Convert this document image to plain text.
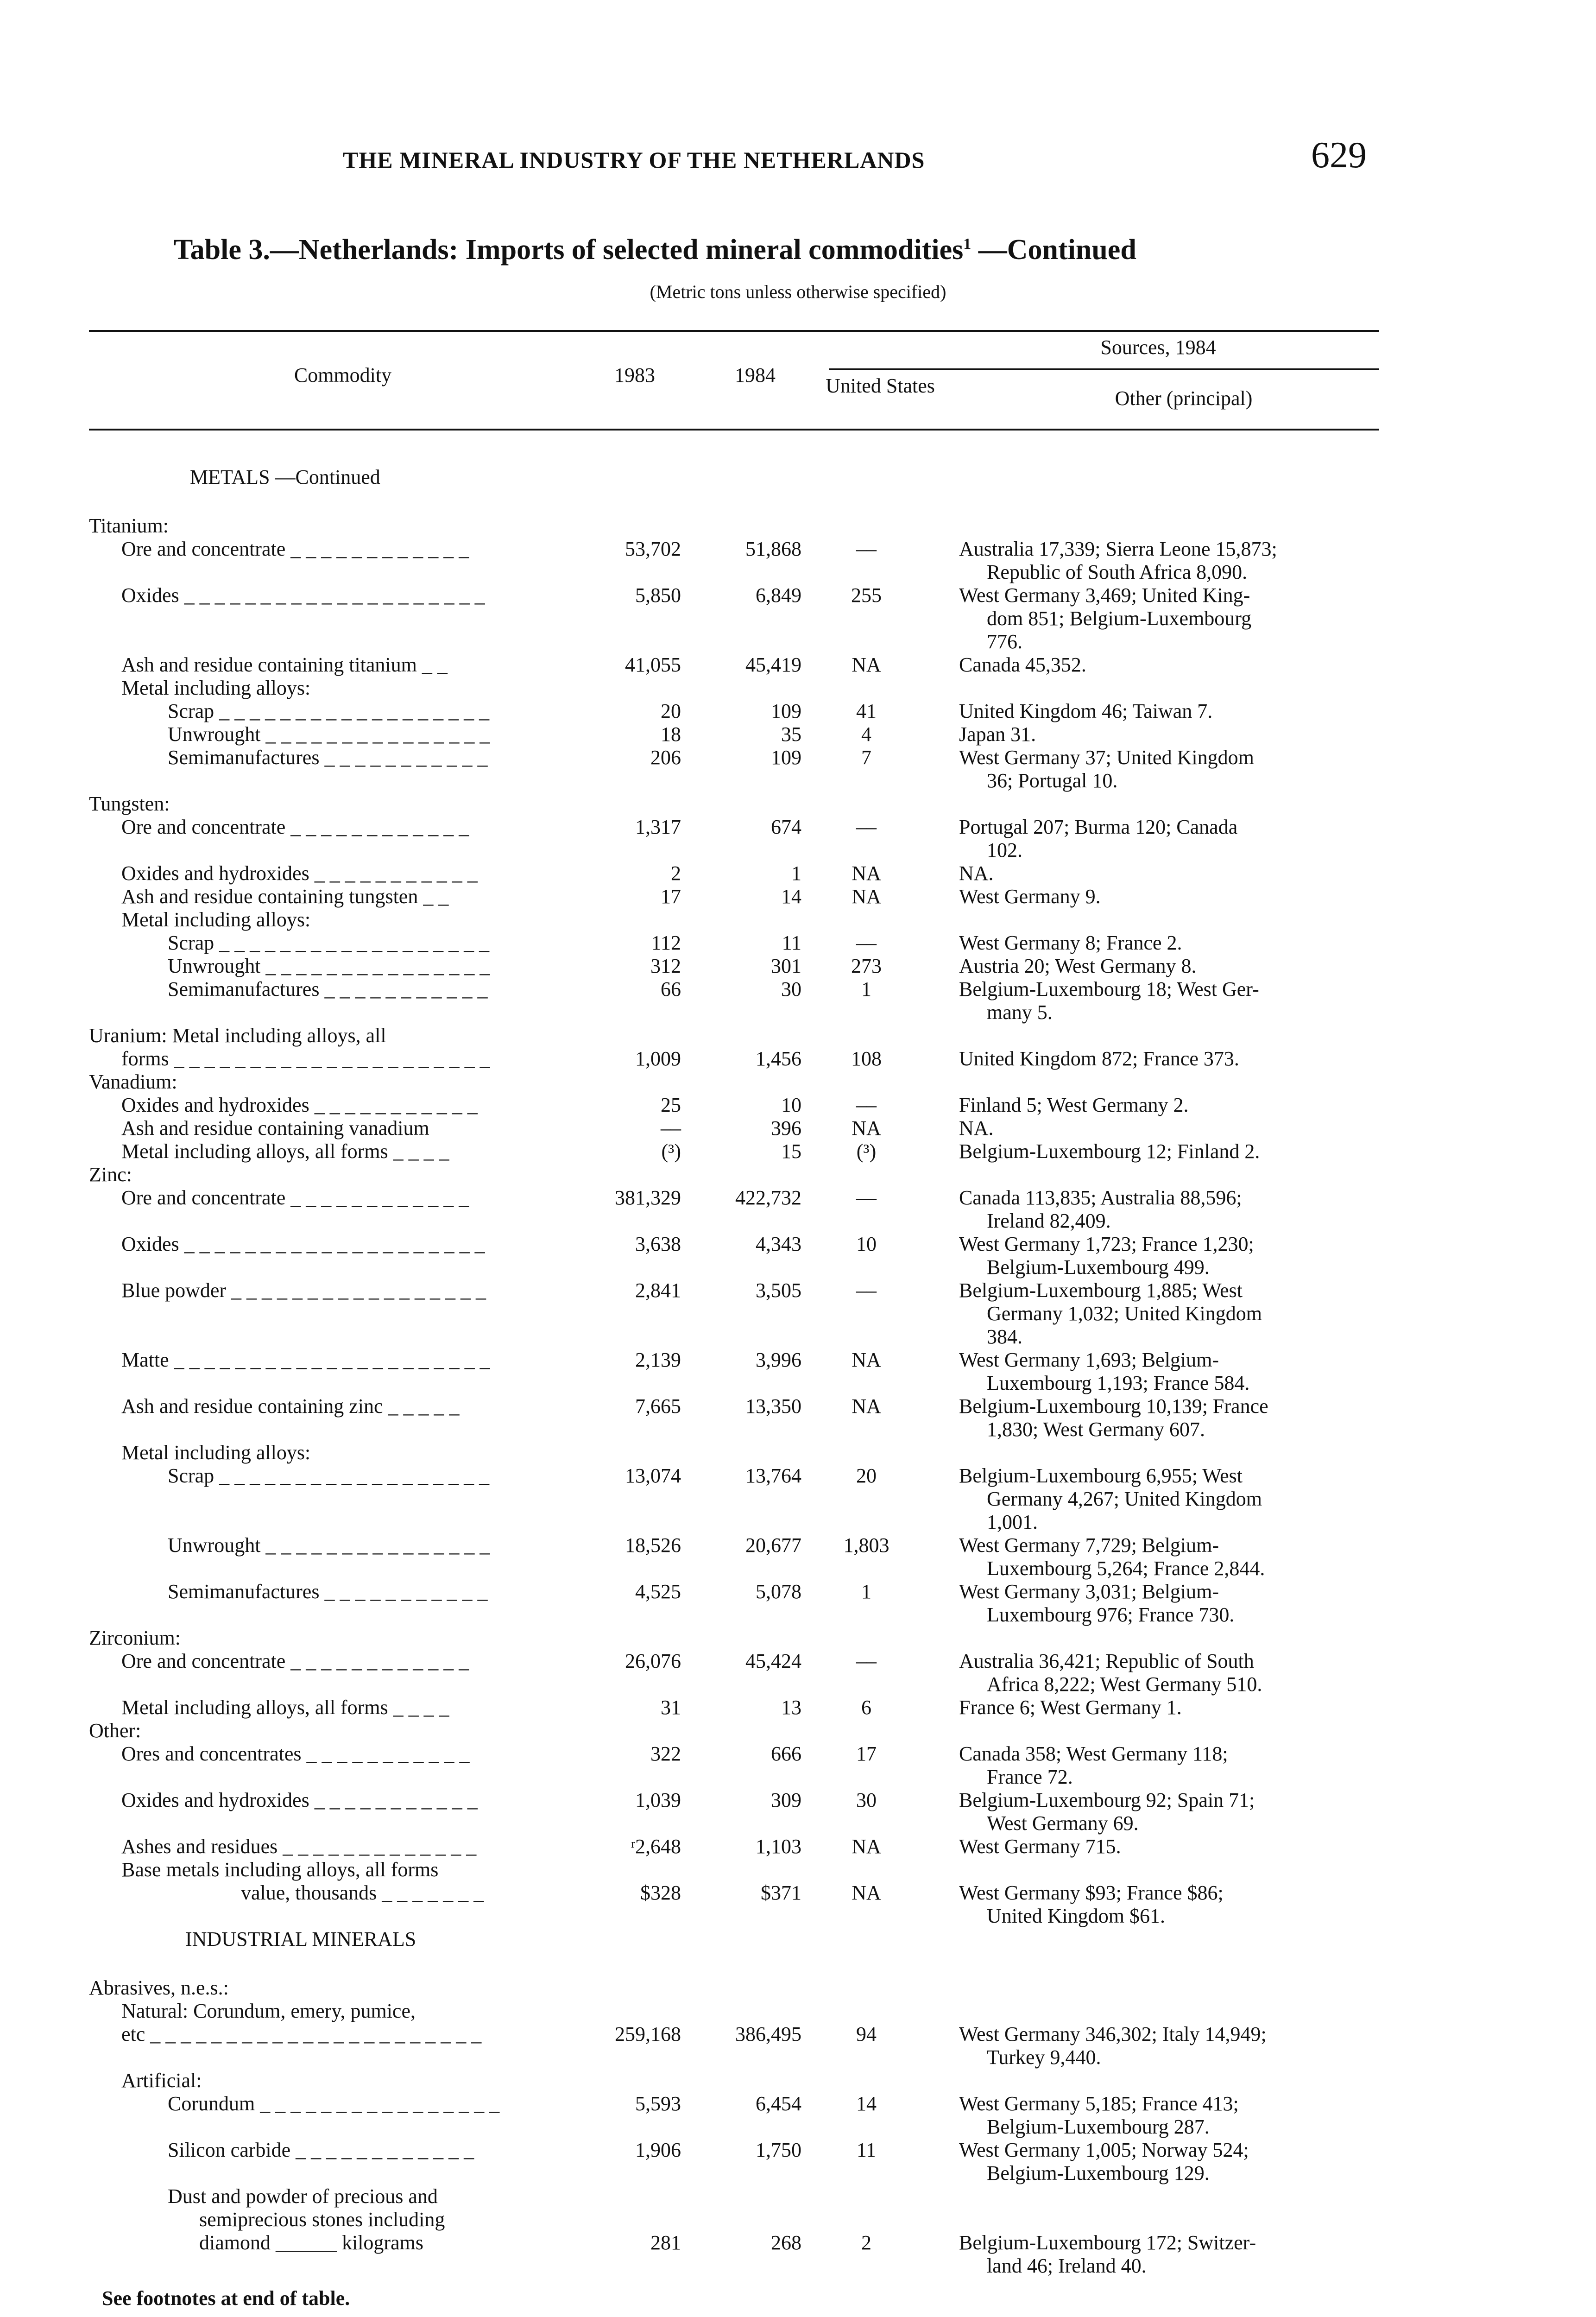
THE MINERAL INDUSTRY OF THE NETHERLANDS	629
Table 3.—Netherlands: Imports of selected mineral commodities$^1$ —Continued
(Metric tons unless otherwise specified)
Commodity	1983	1984
Sources, 1984
United States
Other (principal)
METALS —Continued
Titanium:
Ore and concentrate _ _ _ _ _ _ _ _ _ _ _ _	53,702	51,868	––	Australia 17,339; Sierra Leone 15,873;
Republic of South Africa 8,090.
Oxides _ _ _ _ _ _ _ _ _ _ _ _ _ _ _ _ _ _ _ _	5,850	6,849	255	West Germany 3,469; United King-
dom 851; Belgium-Luxembourg
776.
Ash and residue containing titanium _ _	41,055	45,419	NA	Canada 45,352.
Metal including alloys:
Scrap _ _ _ _ _ _ _ _ _ _ _ _ _ _ _ _ _ _	20	109	41	United Kingdom 46; Taiwan 7.
Unwrought _ _ _ _ _ _ _ _ _ _ _ _ _ _ _	18	35	4	Japan 31.
Semimanufactures _ _ _ _ _ _ _ _ _ _ _	206	109	7	West Germany 37; United Kingdom
36; Portugal 10.
Tungsten:
Ore and concentrate _ _ _ _ _ _ _ _ _ _ _ _	1,317	674	––	Portugal 207; Burma 120; Canada
102.
Oxides and hydroxides _ _ _ _ _ _ _ _ _ _ _	2	1	NA	NA.
Ash and residue containing tungsten _ _	17	14	NA	West Germany 9.
Metal including alloys:
Scrap _ _ _ _ _ _ _ _ _ _ _ _ _ _ _ _ _ _	112	11	––	West Germany 8; France 2.
Unwrought _ _ _ _ _ _ _ _ _ _ _ _ _ _ _	312	301	273	Austria 20; West Germany 8.
Semimanufactures _ _ _ _ _ _ _ _ _ _ _	66	30	1	Belgium-Luxembourg 18; West Ger-
many 5.
Uranium: Metal including alloys, all
forms _ _ _ _ _ _ _ _ _ _ _ _ _ _ _ _ _ _ _ _ _	1,009	1,456	108	United Kingdom 872; France 373.
Vanadium:
Oxides and hydroxides _ _ _ _ _ _ _ _ _ _ _	25	10	––	Finland 5; West Germany 2.
Ash and residue containing vanadium	––	396	NA	NA.
Metal including alloys, all forms _ _ _ _	(³)	15	(³)	Belgium-Luxembourg 12; Finland 2.
Zinc:
Ore and concentrate _ _ _ _ _ _ _ _ _ _ _ _	381,329	422,732	––	Canada 113,835; Australia 88,596;
Ireland 82,409.
Oxides _ _ _ _ _ _ _ _ _ _ _ _ _ _ _ _ _ _ _ _	3,638	4,343	10	West Germany 1,723; France 1,230;
Belgium-Luxembourg 499.
Blue powder _ _ _ _ _ _ _ _ _ _ _ _ _ _ _ _ _	2,841	3,505	––	Belgium-Luxembourg 1,885; West
Germany 1,032; United Kingdom
384.
Matte _ _ _ _ _ _ _ _ _ _ _ _ _ _ _ _ _ _ _ _ _	2,139	3,996	NA	West Germany 1,693; Belgium-
Luxembourg 1,193; France 584.
Ash and residue containing zinc _ _ _ _ _	7,665	13,350	NA	Belgium-Luxembourg 10,139; France
1,830; West Germany 607.
Metal including alloys:
Scrap _ _ _ _ _ _ _ _ _ _ _ _ _ _ _ _ _ _	13,074	13,764	20	Belgium-Luxembourg 6,955; West
Germany 4,267; United Kingdom
1,001.
Unwrought _ _ _ _ _ _ _ _ _ _ _ _ _ _ _	18,526	20,677	1,803	West Germany 7,729; Belgium-
Luxembourg 5,264; France 2,844.
Semimanufactures _ _ _ _ _ _ _ _ _ _ _	4,525	5,078	1	West Germany 3,031; Belgium-
Luxembourg 976; France 730.
Zirconium:
Ore and concentrate _ _ _ _ _ _ _ _ _ _ _ _	26,076	45,424	––	Australia 36,421; Republic of South
Africa 8,222; West Germany 510.
Metal including alloys, all forms _ _ _ _	31	13	6	France 6; West Germany 1.
Other:
Ores and concentrates _ _ _ _ _ _ _ _ _ _ _	322	666	17	Canada 358; West Germany 118;
France 72.
Oxides and hydroxides _ _ _ _ _ _ _ _ _ _ _	1,039	309	30	Belgium-Luxembourg 92; Spain 71;
West Germany 69.
Ashes and residues _ _ _ _ _ _ _ _ _ _ _ _ _	ʳ2,648	1,103	NA	West Germany 715.
Base metals including alloys, all forms
value, thousands _ _ _ _ _ _ _	$328	$371	NA	West Germany $93; France $86;
United Kingdom $61.
INDUSTRIAL MINERALS
Abrasives, n.e.s.:
Natural: Corundum, emery, pumice,
etc _ _ _ _ _ _ _ _ _ _ _ _ _ _ _ _ _ _ _ _ _ _	259,168	386,495	94	West Germany 346,302; Italy 14,949;
Turkey 9,440.
Artificial:
Corundum _ _ _ _ _ _ _ _ _ _ _ _ _ _ _ _	5,593	6,454	14	West Germany 5,185; France 413;
Belgium-Luxembourg 287.
Silicon carbide _ _ _ _ _ _ _ _ _ _ _ _	1,906	1,750	11	West Germany 1,005; Norway 524;
Belgium-Luxembourg 129.
Dust and powder of precious and
semiprecious stones including
diamond ______ kilograms	281	268	2	Belgium-Luxembourg 172; Switzer-
land 46; Ireland 40.
See footnotes at end of table.
